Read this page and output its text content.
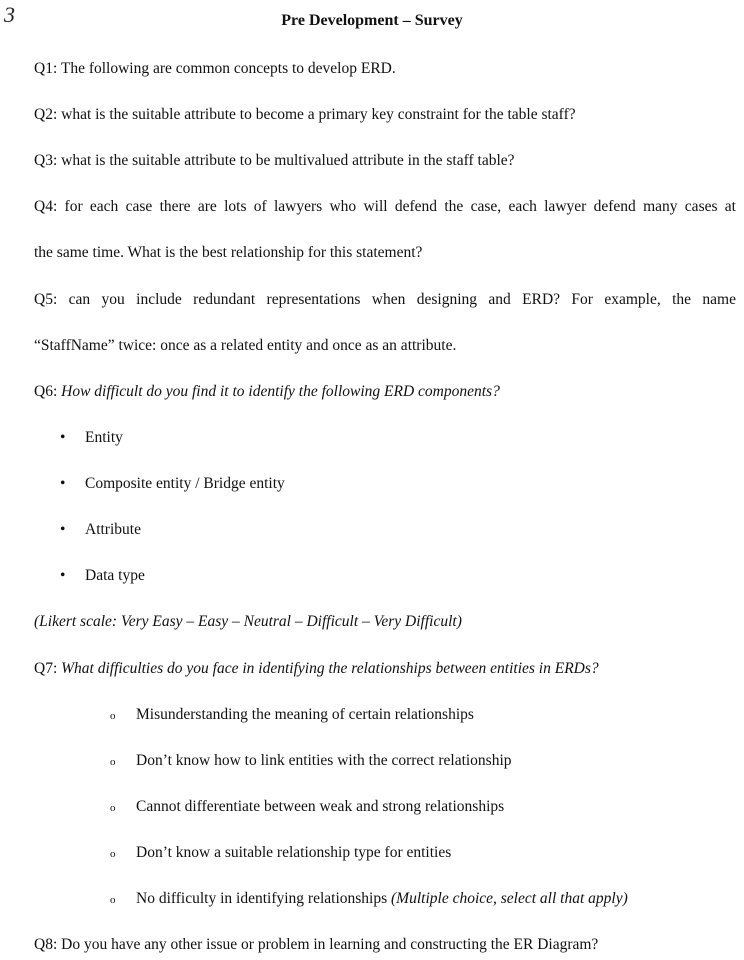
3	Pre Development – Survey
Q1: The following are common concepts to develop ERD.
Q2: what is the suitable attribute to become a primary key constraint for the table staff?
Q3: what is the suitable attribute to be multivalued attribute in the staff table?
Q4: for each case there are lots of lawyers who will defend the case, each lawyer defend many cases at
the same time. What is the best relationship for this statement?
Q5: can you include redundant representations when designing and ERD? For example, the name
“StaffName” twice: once as a related entity and once as an attribute.
Q6: How difficult do you find it to identify the following ERD components?
• Entity
• Composite entity / Bridge entity
• Attribute
• Data type
(Likert scale: Very Easy – Easy – Neutral – Difficult – Very Difficult)
Q7: What difficulties do you face in identifying the relationships between entities in ERDs?
o Misunderstanding the meaning of certain relationships
o Don’t know how to link entities with the correct relationship
o Cannot differentiate between weak and strong relationships
o Don’t know a suitable relationship type for entities
o No difficulty in identifying relationships (Multiple choice, select all that apply)
Q8: Do you have any other issue or problem in learning and constructing the ER Diagram?
